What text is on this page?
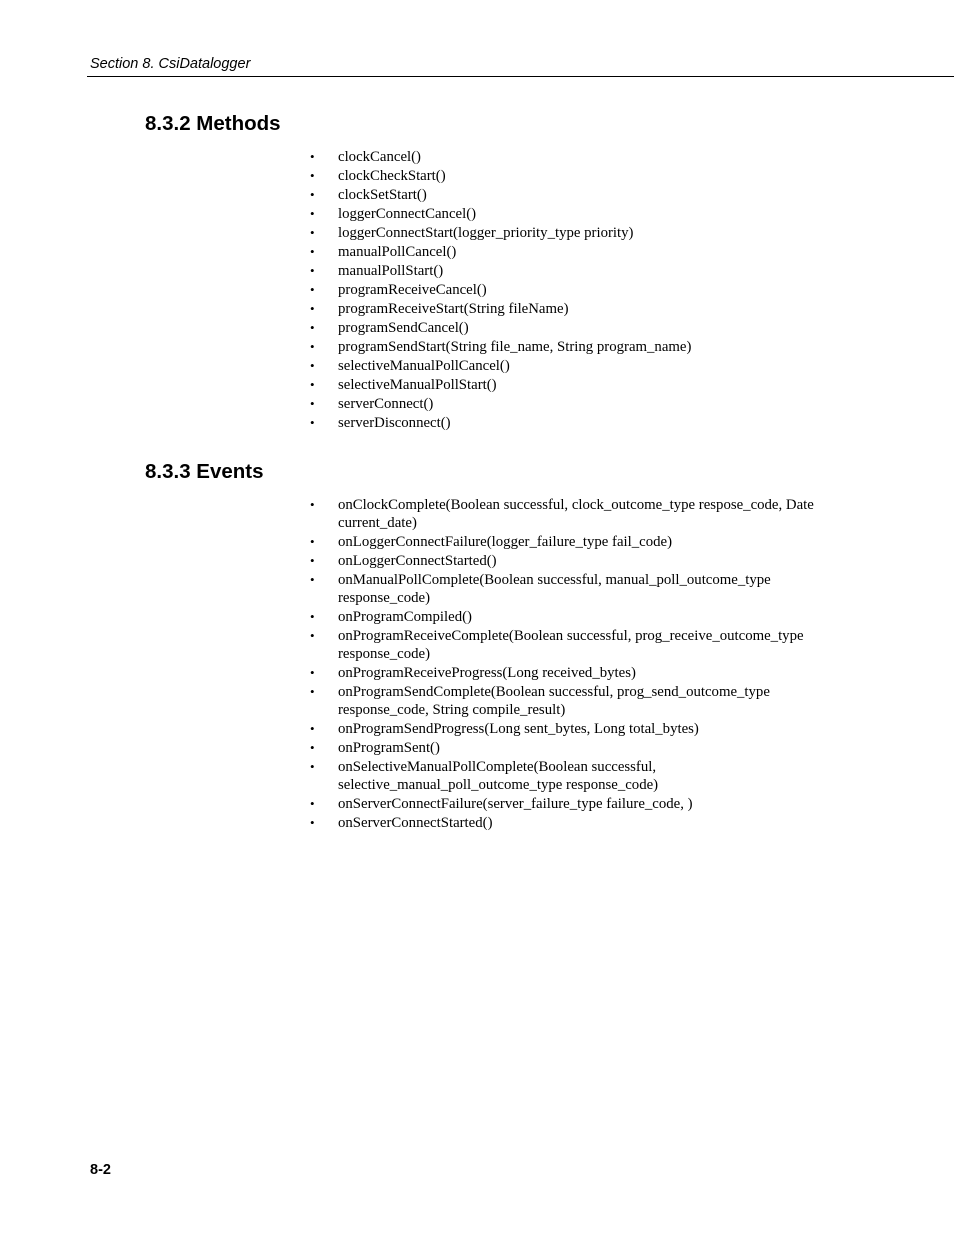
Section 8. CsiDatalogger
8.3.2 Methods
• clockCancel()
• clockCheckStart()
• clockSetStart()
• loggerConnectCancel()
• loggerConnectStart(logger_priority_type priority)
• manualPollCancel()
• manualPollStart()
• programReceiveCancel()
• programReceiveStart(String fileName)
• programSendCancel()
• programSendStart(String file_name, String program_name)
• selectiveManualPollCancel()
• selectiveManualPollStart()
• serverConnect()
• serverDisconnect()
8.3.3 Events
• onClockComplete(Boolean successful, clock_outcome_type respose_code, Date current_date)
• onLoggerConnectFailure(logger_failure_type fail_code)
• onLoggerConnectStarted()
• onManualPollComplete(Boolean successful, manual_poll_outcome_type response_code)
• onProgramCompiled()
• onProgramReceiveComplete(Boolean successful, prog_receive_outcome_type response_code)
• onProgramReceiveProgress(Long received_bytes)
• onProgramSendComplete(Boolean successful, prog_send_outcome_type response_code, String compile_result)
• onProgramSendProgress(Long sent_bytes, Long total_bytes)
• onProgramSent()
• onSelectiveManualPollComplete(Boolean successful, selective_manual_poll_outcome_type response_code)
• onServerConnectFailure(server_failure_type failure_code, )
• onServerConnectStarted()
8-2
